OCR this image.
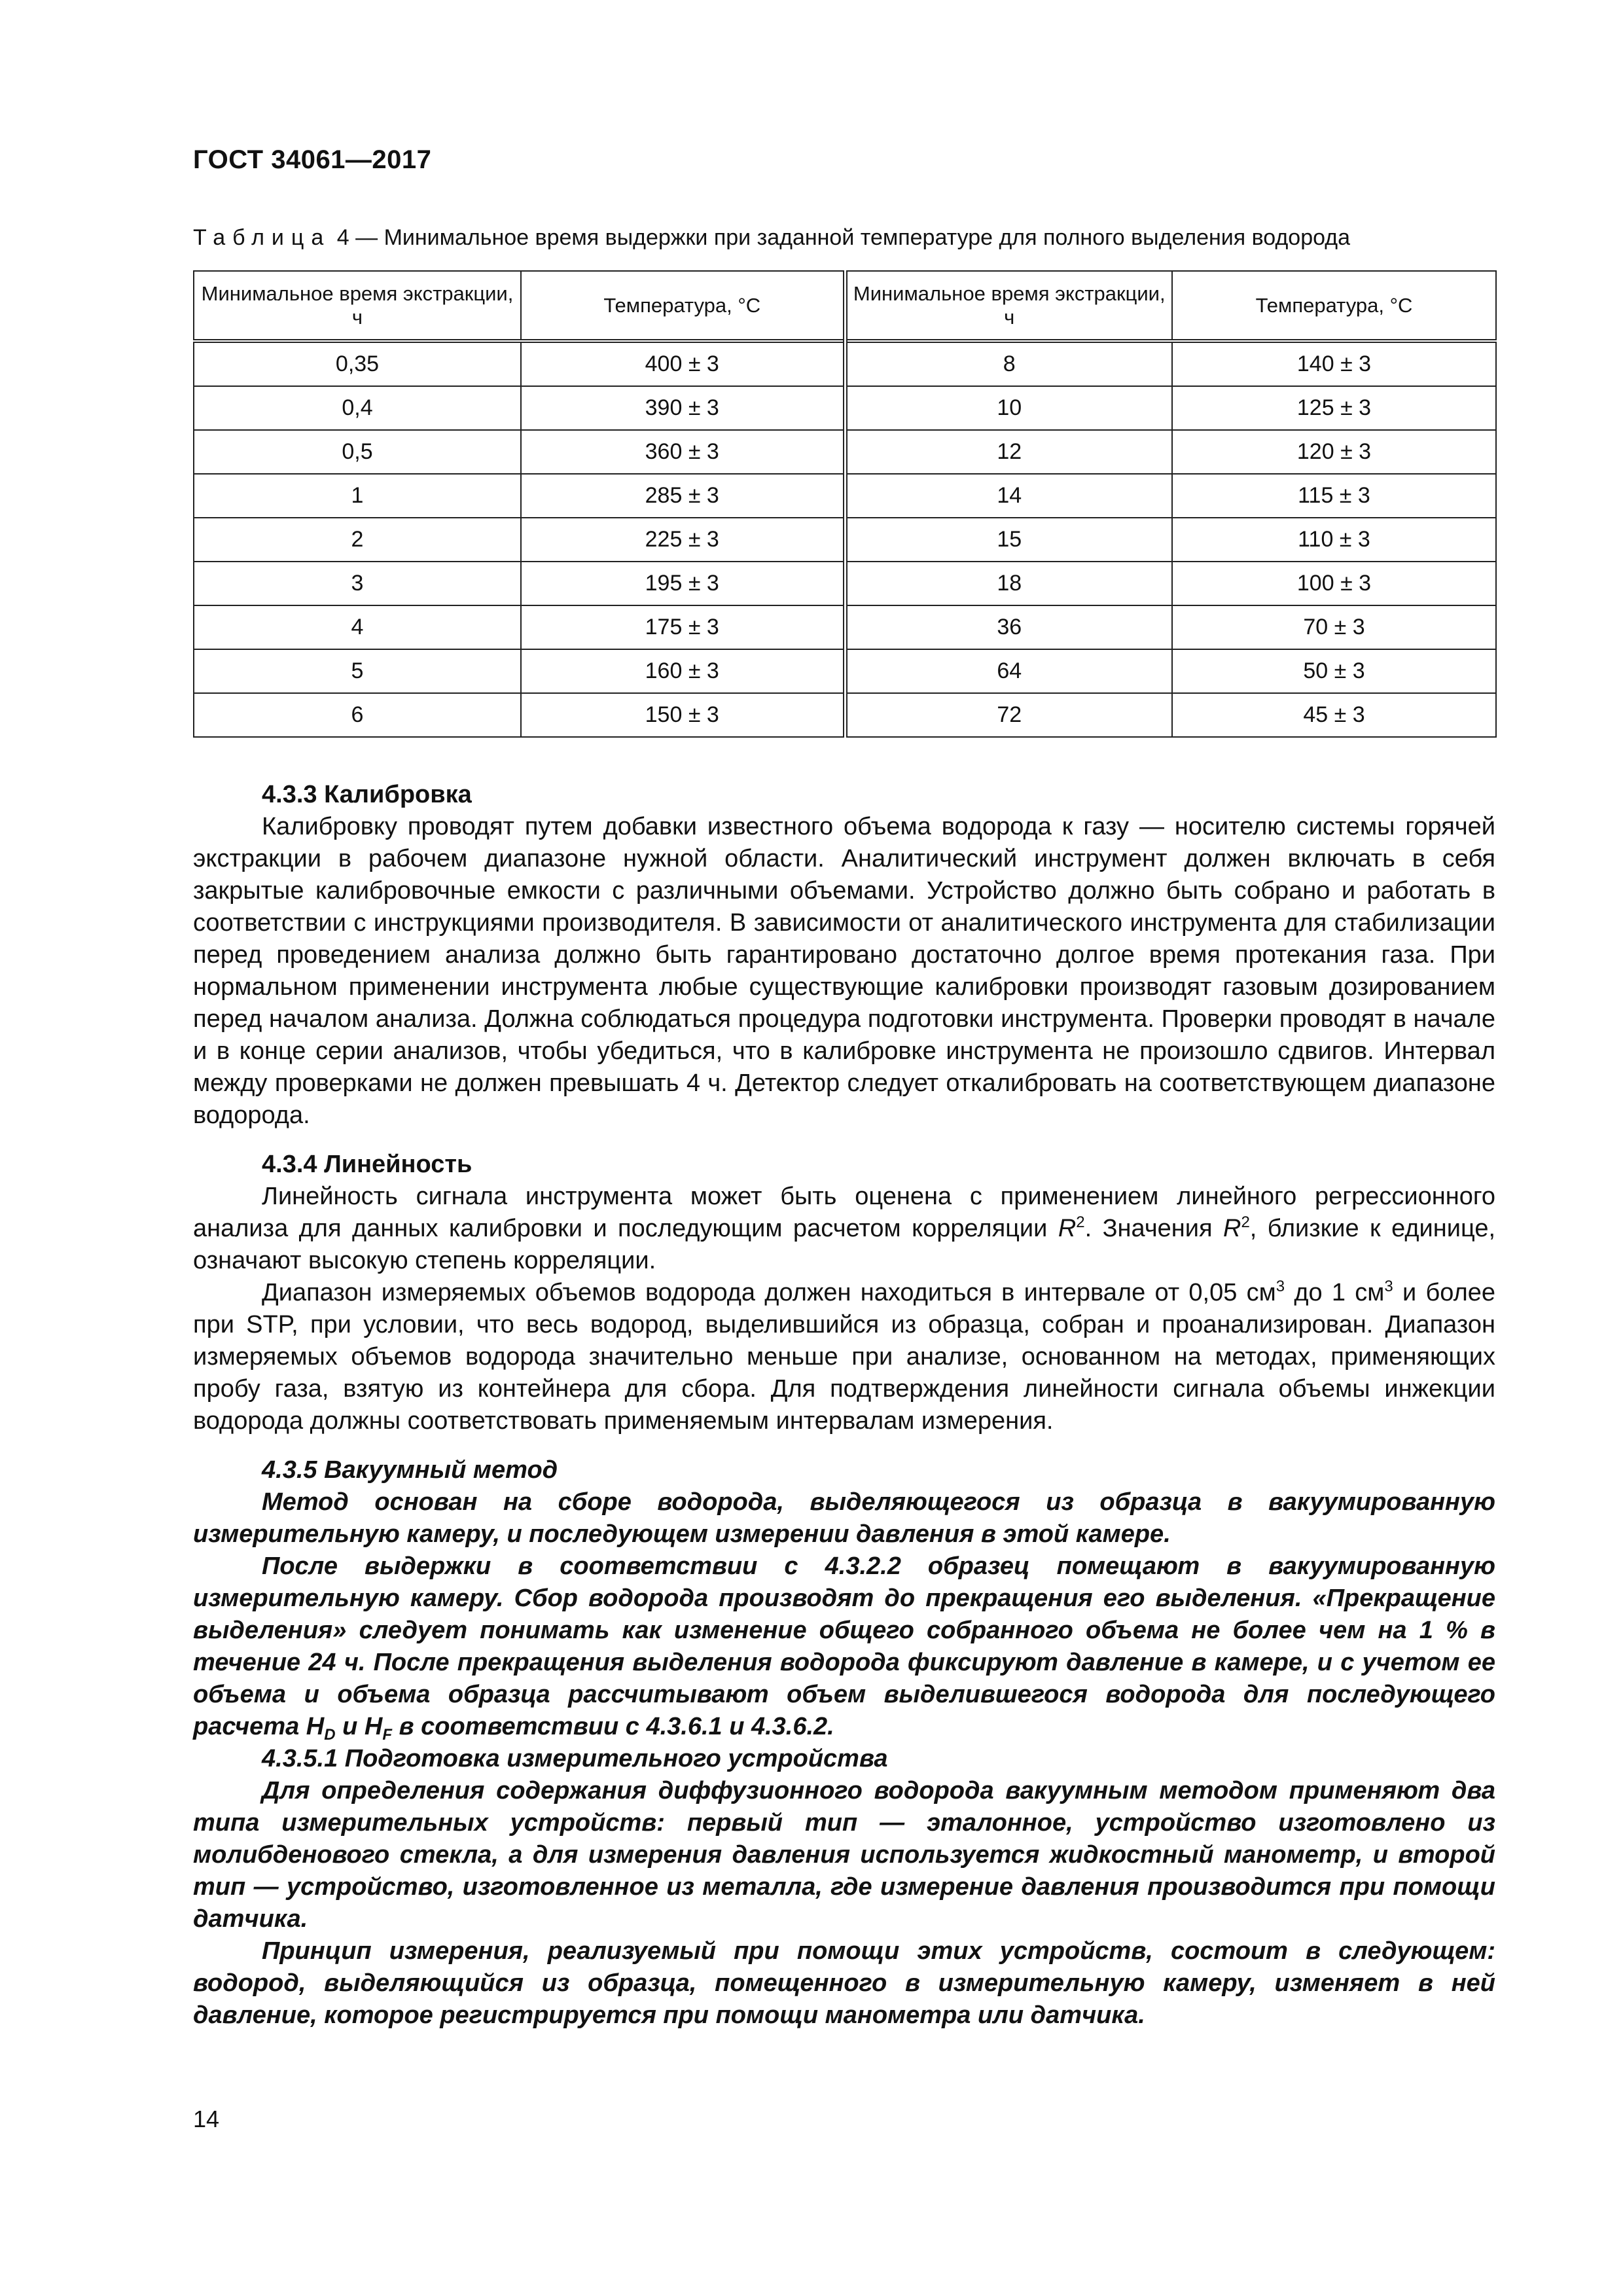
ГОСТ 34061—2017
Таблица 4 — Минимальное время выдержки при заданной температуре для полного выделения водорода
Минимальное время экстракции, ч	Температура, °С	Минимальное время экстракции, ч	Температура, °С
0,35	400 ± 3	8	140 ± 3
0,4	390 ± 3	10	125 ± 3
0,5	360 ± 3	12	120 ± 3
1	285 ± 3	14	115 ± 3
2	225 ± 3	15	110 ± 3
3	195 ± 3	18	100 ± 3
4	175 ± 3	36	70 ± 3
5	160 ± 3	64	50 ± 3
6	150 ± 3	72	45 ± 3

4.3.3 Калибровка

Калибровку проводят путем добавки известного объема водорода к газу — носителю системы горячей экстракции в рабочем диапазоне нужной области. Аналитический инструмент должен включать в себя закрытые калибровочные емкости с различными объемами. Устройство должно быть собрано и работать в соответствии с инструкциями производителя. В зависимости от аналитического инструмента для стабилизации перед проведением анализа должно быть гарантировано достаточно долгое время протекания газа. При нормальном применении инструмента любые существующие калибровки производят газовым дозированием перед началом анализа. Должна соблюдаться процедура подготовки инструмента. Проверки проводят в начале и в конце серии анализов, чтобы убедиться, что в калибровке инструмента не произошло сдвигов. Интервал между проверками не должен превышать 4 ч. Детектор следует откалибровать на соответствующем диапазоне водорода.

4.3.4 Линейность

Линейность сигнала инструмента может быть оценена с применением линейного регрессионного анализа для данных калибровки и последующим расчетом корреляции $R^2$. Значения $R^2$, близкие к единице, означают высокую степень корреляции.

Диапазон измеряемых объемов водорода должен находиться в интервале от 0,05 $см^3$ до 1 $см^3$ и более при STP, при условии, что весь водород, выделившийся из образца, собран и проанализирован. Диапазон измеряемых объемов водорода значительно меньше при анализе, основанном на методах, применяющих пробу газа, взятую из контейнера для сбора. Для подтверждения линейности сигнала объемы инжекции водорода должны соответствовать применяемым интервалам измерения.

4.3.5 Вакуумный метод

Метод основан на сборе водорода, выделяющегося из образца в вакуумированную измерительную камеру, и последующем измерении давления в этой камере.

После выдержки в соответствии с 4.3.2.2 образец помещают в вакуумированную измерительную камеру. Сбор водорода производят до прекращения его выделения. «Прекращение выделения» следует понимать как изменение общего собранного объема не более чем на 1 % в течение 24 ч. После прекращения выделения водорода фиксируют давление в камере, и с учетом ее объема и объема образца рассчитывают объем выделившегося водорода для последующего расчета $H_D$ и $H_F$ в соответствии с 4.3.6.1 и 4.3.6.2.

4.3.5.1 Подготовка измерительного устройства

Для определения содержания диффузионного водорода вакуумным методом применяют два типа измерительных устройств: первый тип — эталонное, устройство изготовлено из молибденового стекла, а для измерения давления используется жидкостный манометр, и второй тип — устройство, изготовленное из металла, где измерение давления производится при помощи датчика.

Принцип измерения, реализуемый при помощи этих устройств, состоит в следующем: водород, выделяющийся из образца, помещенного в измерительную камеру, изменяет в ней давление, которое регистрируется при помощи манометра или датчика.

14
